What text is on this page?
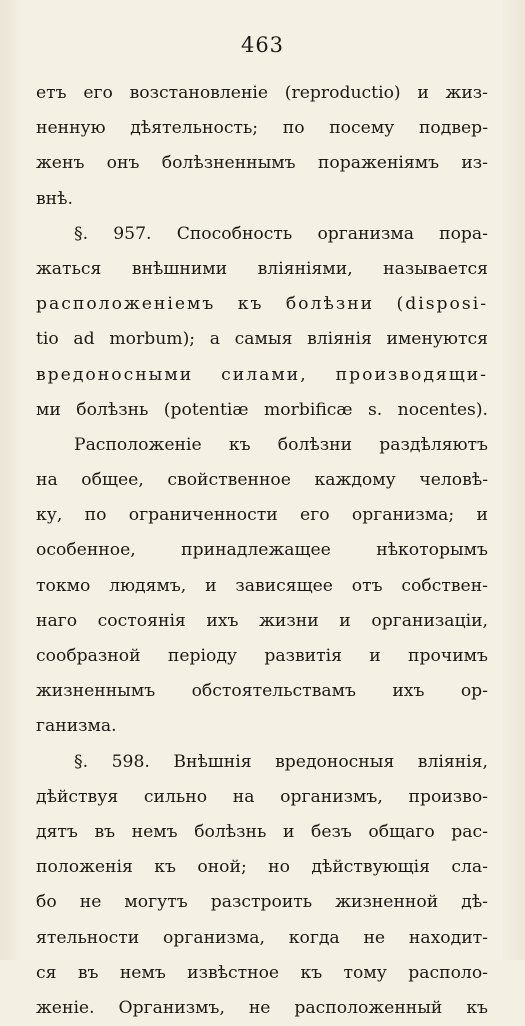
463
етъ его возстановленіе (reproductio) и жиз-
ненную дѣятельность; по посему подвер-
женъ онъ болѣзненнымъ пораженіямъ из-
внѣ.
§. 957. Способность организма пора-
жаться внѣшними вліяніями, называется
расположеніемъ къ болѣзни (disposi-
tio ad morbum); а самыя вліянія именуются
вредоносными силами, производящи-
ми болѣзнь (potentiæ morbificæ s. nocentes).
Расположеніе къ болѣзни раздѣляютъ
на общее, свойственное каждому человѣ-
ку, по ограниченности его организма; и
особенное, принадлежащее нѣкоторымъ
токмо людямъ, и зависящее отъ собствен-
наго состоянія ихъ жизни и организаціи,
сообразной періоду развитія и прочимъ
жизненнымъ обстоятельствамъ ихъ ор-
ганизма.
§. 598. Внѣшнія вредоносныя вліянія,
дѣйствуя сильно на организмъ, произво-
дятъ въ немъ болѣзнь и безъ общаго рас-
положенія къ оной; но дѣйствующія сла-
бо не могутъ разстроить жизненной дѣ-
ятельности организма, когда не находит-
ся въ немъ извѣстное къ тому располо-
женіе. Организмъ, не расположенный къ
